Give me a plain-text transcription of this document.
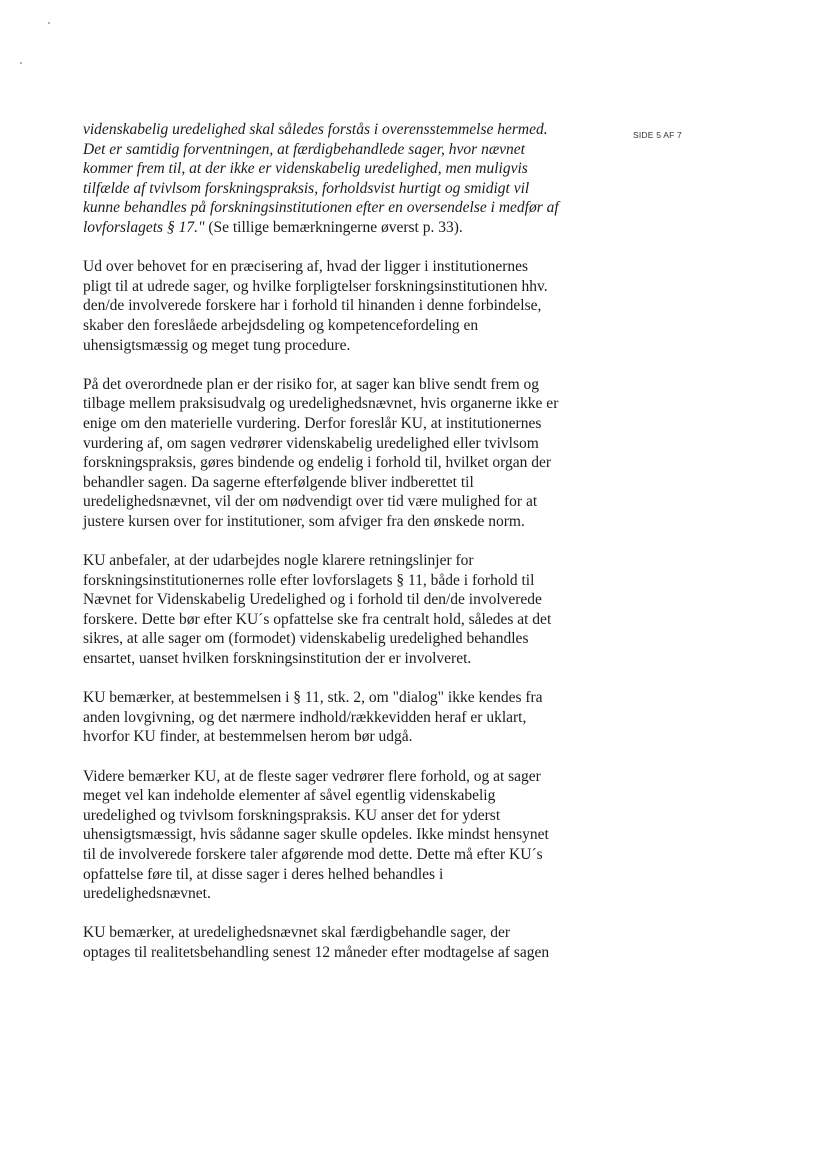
SIDE 5 AF 7

videnskabelig uredelighed skal således forstås i overensstemmelse hermed.
Det er samtidig forventningen, at færdigbehandlede sager, hvor nævnet
kommer frem til, at der ikke er videnskabelig uredelighed, men muligvis
tilfælde af tvivlsom forskningspraksis, forholdsvist hurtigt og smidigt vil
kunne behandles på forskningsinstitutionen efter en oversendelse i medfør af
lovforslagets § 17." (Se tillige bemærkningerne øverst p. 33).

Ud over behovet for en præcisering af, hvad der ligger i institutionernes
pligt til at udrede sager, og hvilke forpligtelser forskningsinstitutionen hhv.
den/de involverede forskere har i forhold til hinanden i denne forbindelse,
skaber den foreslåede arbejdsdeling og kompetencefordeling en
uhensigtsmæssig og meget tung procedure.

På det overordnede plan er der risiko for, at sager kan blive sendt frem og
tilbage mellem praksisudvalg og uredelighedsnævnet, hvis organerne ikke er
enige om den materielle vurdering. Derfor foreslår KU, at institutionernes
vurdering af, om sagen vedrører videnskabelig uredelighed eller tvivlsom
forskningspraksis, gøres bindende og endelig i forhold til, hvilket organ der
behandler sagen. Da sagerne efterfølgende bliver indberettet til
uredelighedsnævnet, vil der om nødvendigt over tid være mulighed for at
justere kursen over for institutioner, som afviger fra den ønskede norm.

KU anbefaler, at der udarbejdes nogle klarere retningslinjer for
forskningsinstitutionernes rolle efter lovforslagets § 11, både i forhold til
Nævnet for Videnskabelig Uredelighed og i forhold til den/de involverede
forskere. Dette bør efter KU´s opfattelse ske fra centralt hold, således at det
sikres, at alle sager om (formodet) videnskabelig uredelighed behandles
ensartet, uanset hvilken forskningsinstitution der er involveret.

KU bemærker, at bestemmelsen i § 11, stk. 2, om "dialog" ikke kendes fra
anden lovgivning, og det nærmere indhold/rækkevidden heraf er uklart,
hvorfor KU finder, at bestemmelsen herom bør udgå.

Videre bemærker KU, at de fleste sager vedrører flere forhold, og at sager
meget vel kan indeholde elementer af såvel egentlig videnskabelig
uredelighed og tvivlsom forskningspraksis. KU anser det for yderst
uhensigtsmæssigt, hvis sådanne sager skulle opdeles. Ikke mindst hensynet
til de involverede forskere taler afgørende mod dette. Dette må efter KU´s
opfattelse føre til, at disse sager i deres helhed behandles i
uredelighedsnævnet.

KU bemærker, at uredelighedsnævnet skal færdigbehandle sager, der
optages til realitetsbehandling senest 12 måneder efter modtagelse af sagen
